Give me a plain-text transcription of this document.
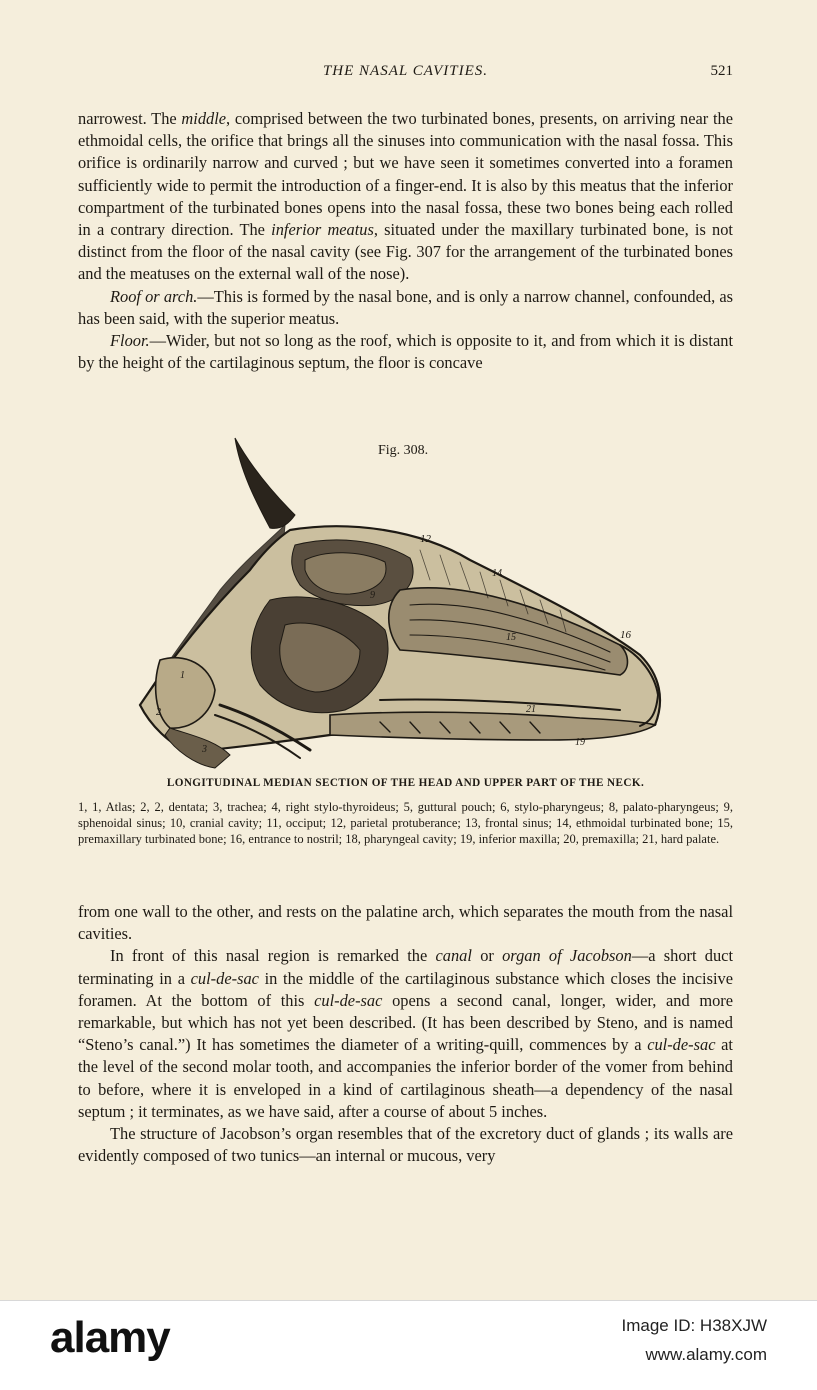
THE NASAL CAVITIES.	521

narrowest. The middle, comprised between the two turbinated bones, presents, on arriving near the ethmoidal cells, the orifice that brings all the sinuses into communication with the nasal fossa. This orifice is ordinarily narrow and curved ; but we have seen it sometimes converted into a foramen sufficiently wide to permit the introduction of a finger-end. It is also by this meatus that the inferior compartment of the turbinated bones opens into the nasal fossa, these two bones being each rolled in a contrary direction. The inferior meatus, situated under the maxillary turbinated bone, is not distinct from the floor of the nasal cavity (see Fig. 307 for the arrangement of the turbinated bones and the meatuses on the external wall of the nose).

Roof or arch.—This is formed by the nasal bone, and is only a narrow channel, confounded, as has been said, with the superior meatus.

Floor.—Wider, but not so long as the roof, which is opposite to it, and from which it is distant by the height of the cartilaginous septum, the floor is concave

Fig. 308.
12
14
15	16
9
21
19
2
3
1
LONGITUDINAL MEDIAN SECTION OF THE HEAD AND UPPER PART OF THE NECK.

1, 1, Atlas; 2, 2, dentata; 3, trachea; 4, right stylo-thyroideus; 5, guttural pouch; 6, stylo-pharyngeus; 8, palato-pharyngeus; 9, sphenoidal sinus; 10, cranial cavity; 11, occiput; 12, parietal protuberance; 13, frontal sinus; 14, ethmoidal turbinated bone; 15, premaxillary turbinated bone; 16, entrance to nostril; 18, pharyngeal cavity; 19, inferior maxilla; 20, premaxilla; 21, hard palate.

from one wall to the other, and rests on the palatine arch, which separates the mouth from the nasal cavities.

In front of this nasal region is remarked the canal or organ of Jacobson—a short duct terminating in a cul-de-sac in the middle of the cartilaginous substance which closes the incisive foramen. At the bottom of this cul-de-sac opens a second canal, longer, wider, and more remarkable, but which has not yet been described. (It has been described by Steno, and is named “Steno’s canal.”) It has sometimes the diameter of a writing-quill, commences by a cul-de-sac at the level of the second molar tooth, and accompanies the inferior border of the vomer from behind to before, where it is enveloped in a kind of cartilaginous sheath—a dependency of the nasal septum ; it terminates, as we have said, after a course of about 5 inches.

The structure of Jacobson’s organ resembles that of the excretory duct of glands ; its walls are evidently composed of two tunics—an internal or mucous, very

alamy	Image ID: H38XJW
www.alamy.com
